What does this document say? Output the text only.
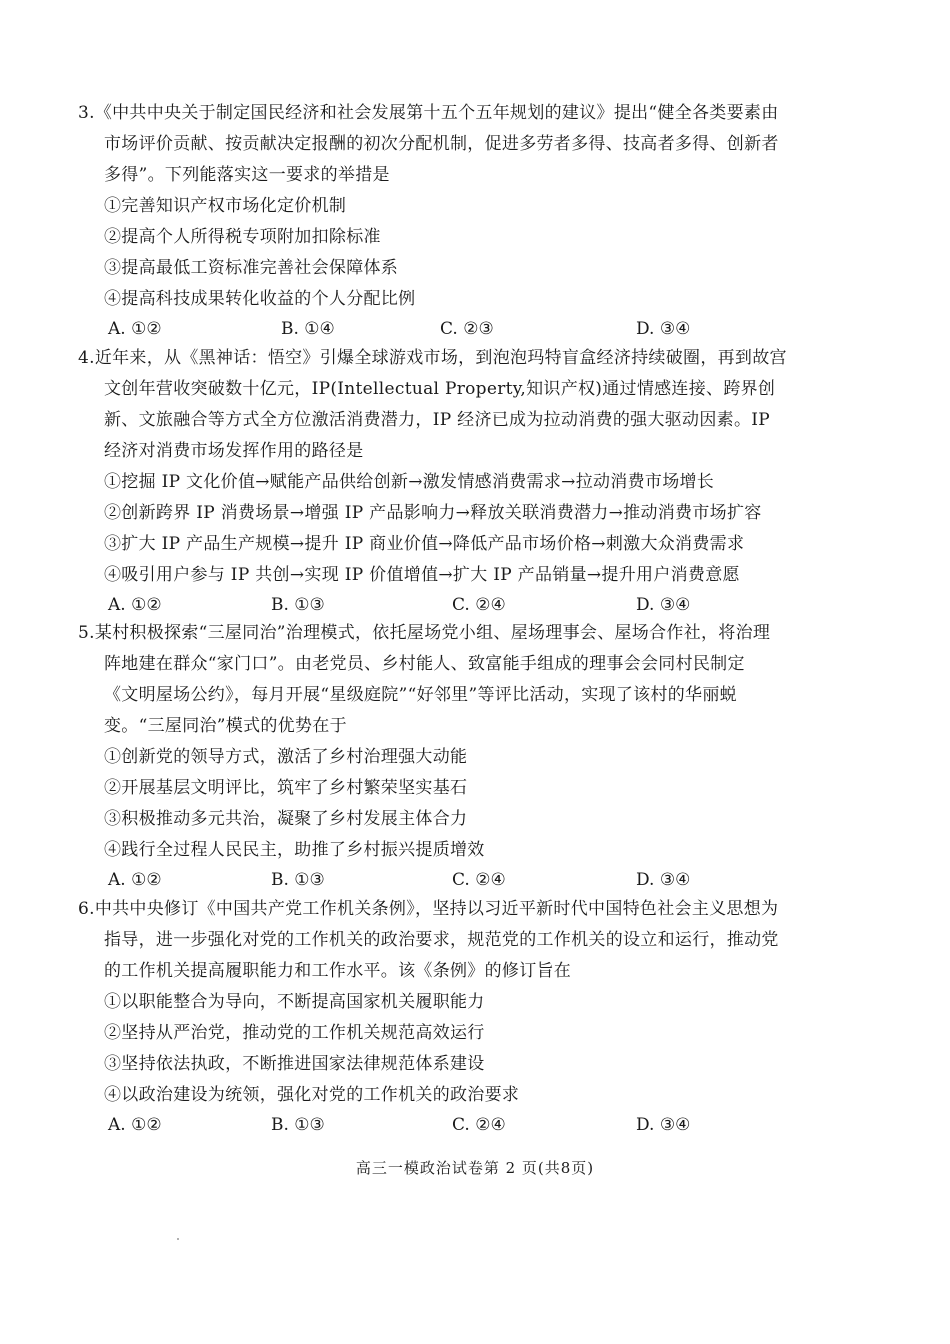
3.《中共中央关于制定国民经济和社会发展第十五个五年规划的建议》提出“健全各类要素由
市场评价贡献、按贡献决定报酬的初次分配机制，促进多劳者多得、技高者多得、创新者
多得”。下列能落实这一要求的举措是
①完善知识产权市场化定价机制
②提高个人所得税专项附加扣除标准
③提高最低工资标准完善社会保障体系
④提高科技成果转化收益的个人分配比例
A. ①②	B. ①④	C. ②③	D. ③④
4.近年来，从《黑神话：悟空》引爆全球游戏市场，到泡泡玛特盲盒经济持续破圈，再到故宫
文创年营收突破数十亿元，IP(Intellectual Property,知识产权)通过情感连接、跨界创
新、文旅融合等方式全方位激活消费潜力，IP 经济已成为拉动消费的强大驱动因素。IP
经济对消费市场发挥作用的路径是
①挖掘 IP 文化价值→赋能产品供给创新→激发情感消费需求→拉动消费市场增长
②创新跨界 IP 消费场景→增强 IP 产品影响力→释放关联消费潜力→推动消费市场扩容
③扩大 IP 产品生产规模→提升 IP 商业价值→降低产品市场价格→刺激大众消费需求
④吸引用户参与 IP 共创→实现 IP 价值增值→扩大 IP 产品销量→提升用户消费意愿
A. ①②	B. ①③	C. ②④	D. ③④
5.某村积极探索“三屋同治”治理模式，依托屋场党小组、屋场理事会、屋场合作社，将治理
阵地建在群众“家门口”。由老党员、乡村能人、致富能手组成的理事会会同村民制定
《文明屋场公约》，每月开展“星级庭院”“好邻里”等评比活动，实现了该村的华丽蜕
变。“三屋同治”模式的优势在于
①创新党的领导方式，激活了乡村治理强大动能
②开展基层文明评比，筑牢了乡村繁荣坚实基石
③积极推动多元共治，凝聚了乡村发展主体合力
④践行全过程人民民主，助推了乡村振兴提质增效
A. ①②	B. ①③	C. ②④	D. ③④
6.中共中央修订《中国共产党工作机关条例》，坚持以习近平新时代中国特色社会主义思想为
指导，进一步强化对党的工作机关的政治要求，规范党的工作机关的设立和运行，推动党
的工作机关提高履职能力和工作水平。该《条例》的修订旨在
①以职能整合为导向，不断提高国家机关履职能力
②坚持从严治党，推动党的工作机关规范高效运行
③坚持依法执政，不断推进国家法律规范体系建设
④以政治建设为统领，强化对党的工作机关的政治要求
A. ①②	B. ①③	C. ②④	D. ③④
高三一模政治试卷第 2 页(共8页)
